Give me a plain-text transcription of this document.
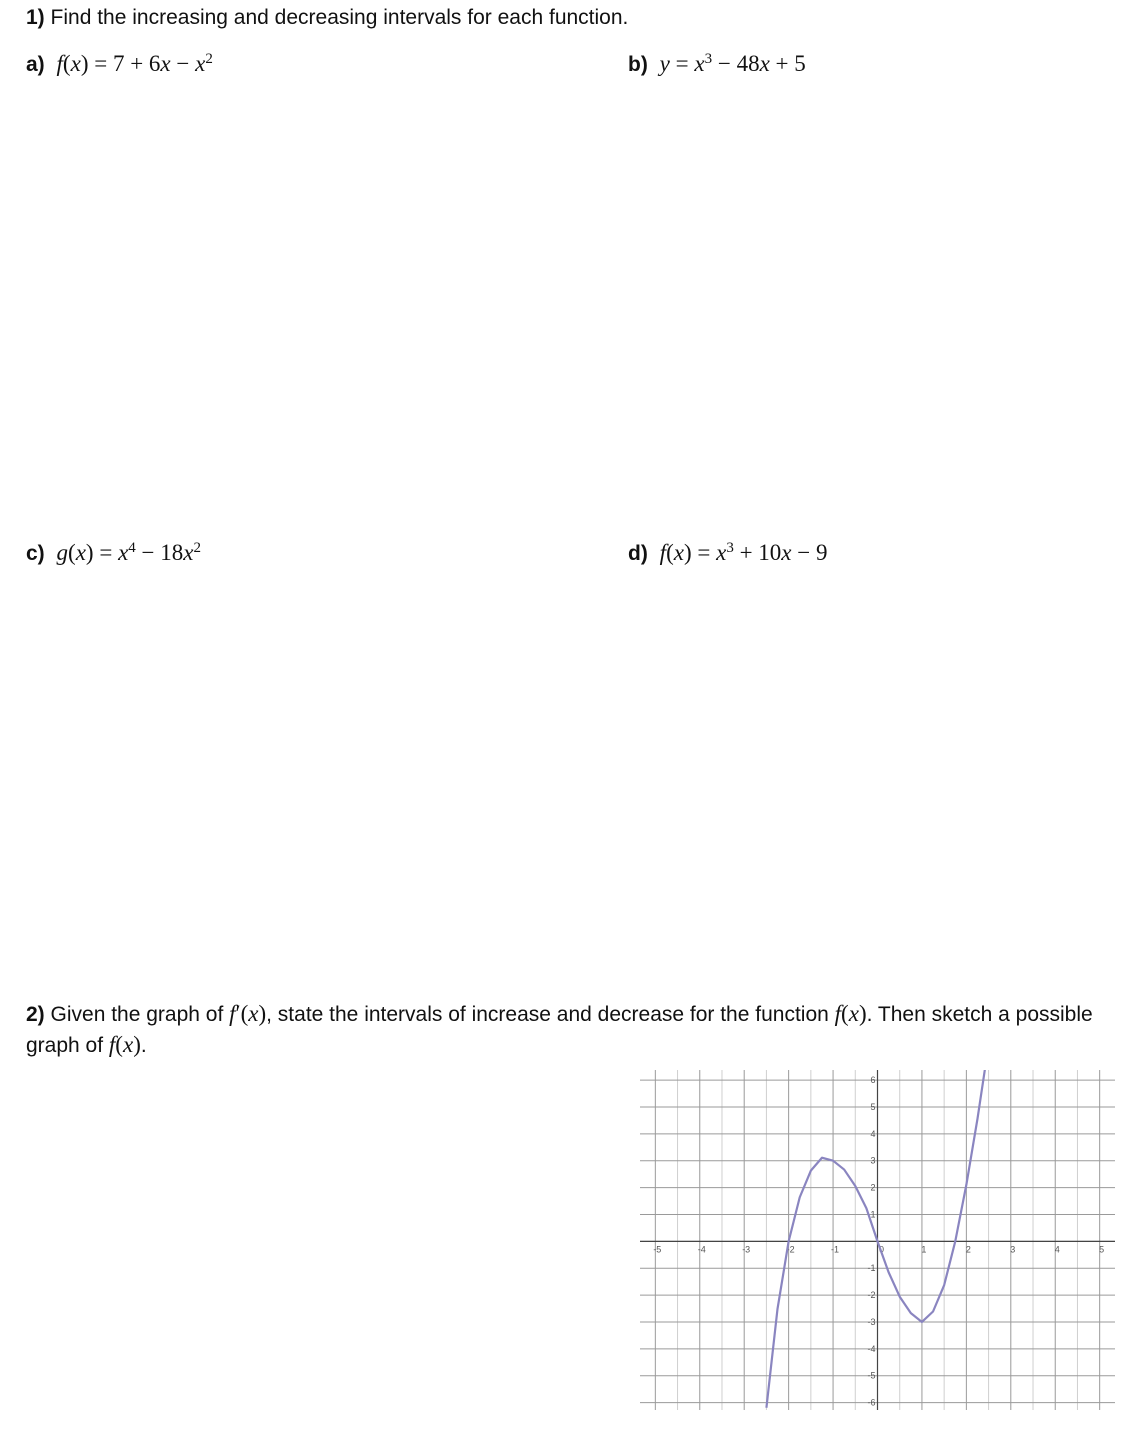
1) Find the increasing and decreasing intervals for each function.
a) $f(x) = 7 + 6x - x^2$	b) $y = x^3 - 48x + 5$
c) $g(x) = x^4 - 18x^2$	d) $f(x) = x^3 + 10x - 9$
2) Given the graph of f′(x), state the intervals of increase and decrease for the function f(x). Then sketch a possible graph of f(x).
-5	-4	-3	-2	-1	1	2	3	4	5
0
-6
-5
-4
-3
-2
-1
1
2
3
4
5
6
